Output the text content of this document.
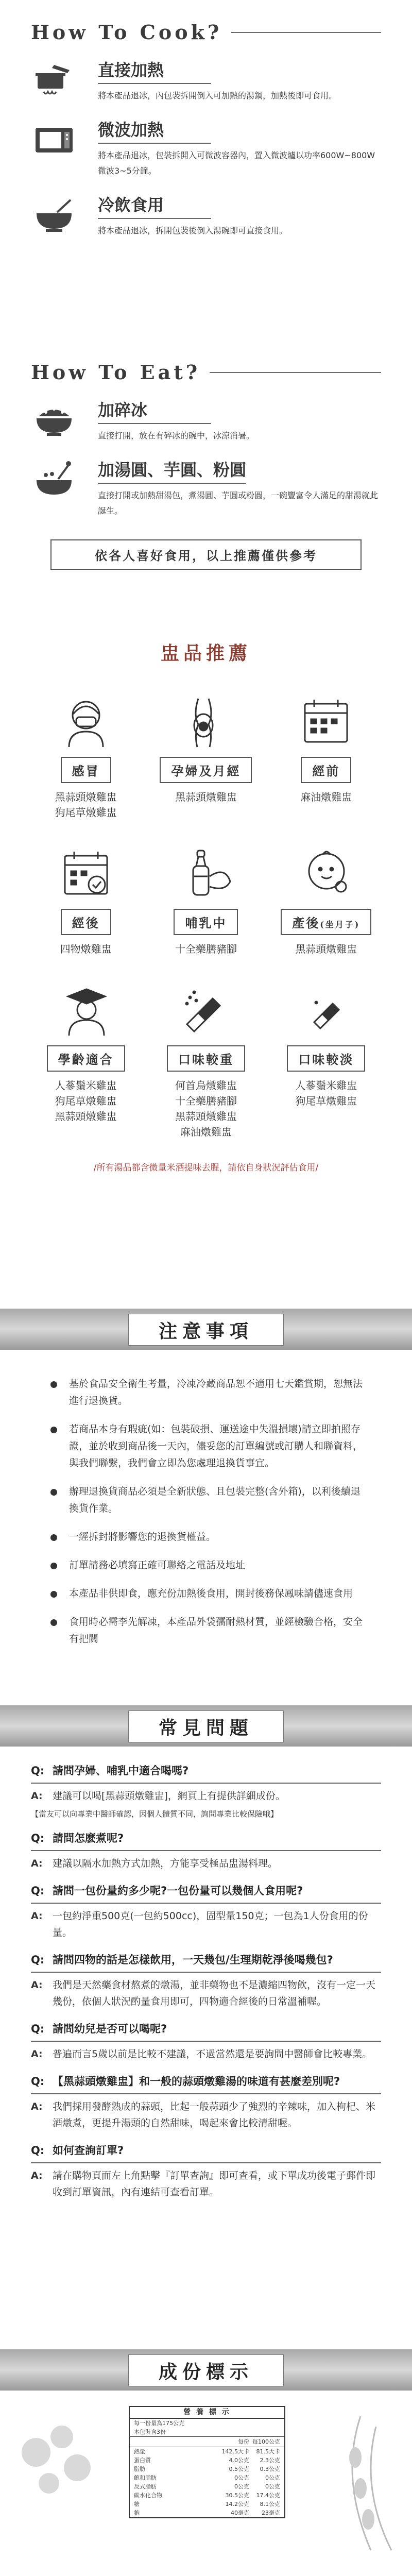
How To Cook?
直接加熱

將本產品退冰，內包裝拆開倒入可加熱的湯鍋，加熱後即可食用。

微波加熱

將本產品退冰，包裝拆開入可微波容器內，置入微波爐以功率600W~800W微波3~5分鐘。

冷飲食用

將本產品退冰，拆開包裝後倒入湯碗即可直接食用。

How To Eat?
加碎冰

直接打開，放在有碎冰的碗中，冰涼消暑。

加湯圓、芋圓、粉圓

直接打開或加熱甜湯包，煮湯圓、芋圓或粉圓，一碗豐富令人滿足的甜湯就此誕生。

依各人喜好食用，以上推薦僅供參考
盅品推薦
感冒
黑蒜頭燉雞盅
狗尾草燉雞盅
孕婦及月經
黑蒜頭燉雞盅
經前
麻油燉雞盅
經後
四物燉雞盅
哺乳中
十全藥膳豬腳
產後(坐月子)
黑蒜頭燉雞盅
學齡適合
人蔘鬚米雞盅
狗尾草燉雞盅
黑蒜頭燉雞盅
口味較重
何首烏燉雞盅
十全藥膳豬腳
黑蒜頭燉雞盅
麻油燉雞盅
口味較淡
人蔘鬚米雞盅
狗尾草燉雞盅
/所有湯品都含微量米酒提味去腥，請依自身狀況評估食用/
注意事項
基於食品安全衛生考量，冷凍冷藏商品恕不適用七天鑑賞期，恕無法進行退換貨。
若商品本身有瑕疵(如：包裝破損、運送途中失溫損壞)請立即拍照存證，並於收到商品後一天內，儘妥您的訂單編號或訂購人和聯資料，與我們聯繫，我們會立即為您處理退換貨事宜。
辦理退換貨商品必須是全新狀態、且包裝完整(含外箱)，以利後續退換貨作業。
一經拆封將影響您的退換貨權益。
訂單請務必填寫正確可聯絡之電話及地址
本產品非供即食，應充份加熱後食用，開封後務保鳳味請儘速食用
食用時必需李先解凍，本產品外袋孺耐熱材質，並經檢驗合格，安全有把關
常見問題
Q: 請問孕婦、哺乳中適合喝嗎?
A:	建議可以喝[黑蒜頭燉雞盅]，網頁上有提供詳細成份。
【當友可以向專業中醫師確認，因個人體質不同，詢問專業比較保險哦】
Q: 請問怎麽煮呢?
A:	建議以隔水加熱方式加熱，方能享受極品盅湯料理。
Q: 請問一包份量約多少呢?一包份量可以幾個人食用呢?
A:	一包約淨重500克(一包約500cc)，固型量150克；一包為1人份食用的份量。
Q: 請問四物的話是怎樣飲用，一天幾包/生理期乾淨後喝幾包?
A:	我們是天然藥食材熬煮的燉湯，並非藥物也不是濃縮四物飲，沒有一定一天幾份，依個人狀況酌量食用即可，四物適合經後的日常溫補喔。
Q: 請問幼兒是否可以喝呢?
A:	普遍而言5歲以前是比較不建議，不過當然還是要詢問中醫師會比較專業。
Q: 【黑蒜頭燉雞盅】和一般的蒜頭燉雞湯的味道有甚麼差別呢?
A:	我們採用發酵熟成的蒜頭，比起一般蒜頭少了強烈的辛辣味，加入枸杞、米酒燉煮，更提升湯頭的自然甜味，喝起來會比較清甜喔。
Q: 如何查詢訂單?
A:	請在購物頁面左上角點擊『訂單查詢』即可查看，或下單成功後電子郵件即收到訂單資訊，內有連結可查看訂單。
成份標示
營 養 標 示
每一份量為175公克
本包裝含3份
每份 每100公克
熱量	142.5大卡	81.5大卡
蛋白質	4.0公克	2.3公克
脂肪	0.5公克	0.3公克
飽和脂肪	0公克	0公克
反式脂肪	0公克	0公克
碳水化合物	30.5公克	17.4公克
糖	14.2公克	8.1公克
鈉	40毫克	23毫克
